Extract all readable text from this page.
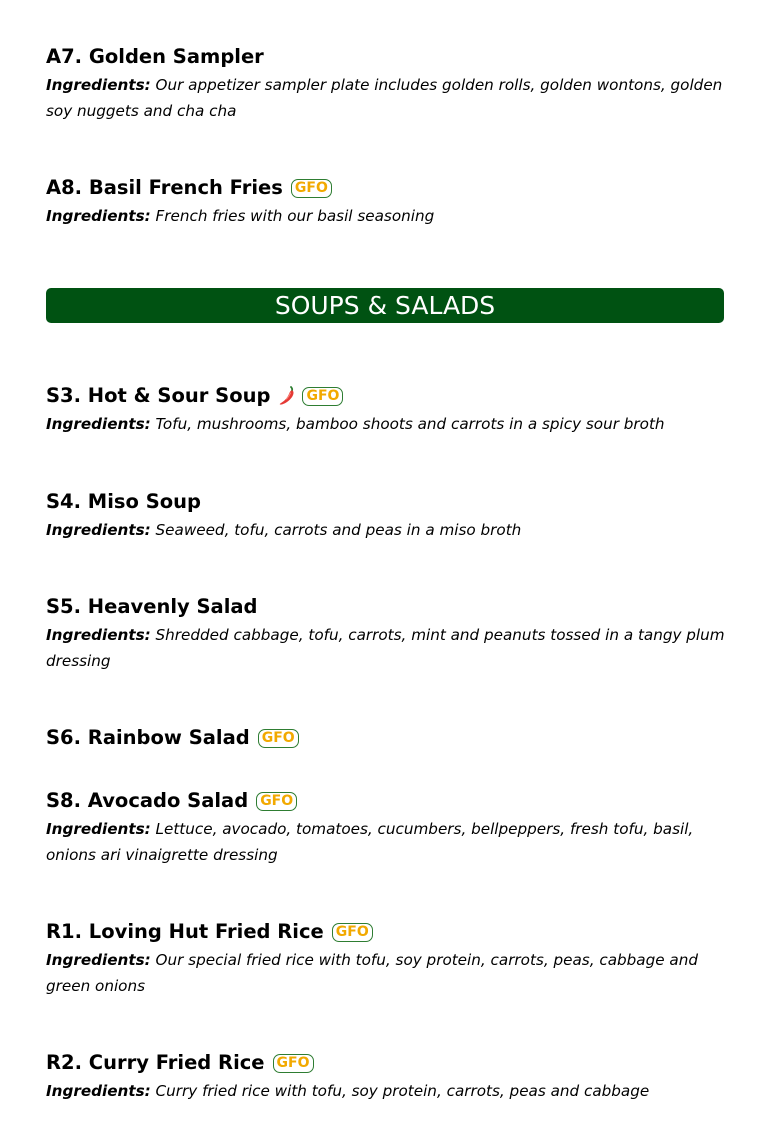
A7. Golden Sampler
Ingredients: Our appetizer sampler plate includes golden rolls, golden wontons, golden soy nuggets and cha cha
A8. Basil French Fries GFO
Ingredients: French fries with our basil seasoning
SOUPS & SALADS
S3. Hot & Sour Soup	GFO
Ingredients: Tofu, mushrooms, bamboo shoots and carrots in a spicy sour broth
S4. Miso Soup
Ingredients: Seaweed, tofu, carrots and peas in a miso broth
S5. Heavenly Salad
Ingredients: Shredded cabbage, tofu, carrots, mint and peanuts tossed in a tangy plum dressing
S6. Rainbow Salad GFO
S8. Avocado Salad GFO
Ingredients: Lettuce, avocado, tomatoes, cucumbers, bellpeppers, fresh tofu, basil, onions ari vinaigrette dressing
R1. Loving Hut Fried Rice GFO
Ingredients: Our special fried rice with tofu, soy protein, carrots, peas, cabbage and green onions
R2. Curry Fried Rice GFO
Ingredients: Curry fried rice with tofu, soy protein, carrots, peas and cabbage
